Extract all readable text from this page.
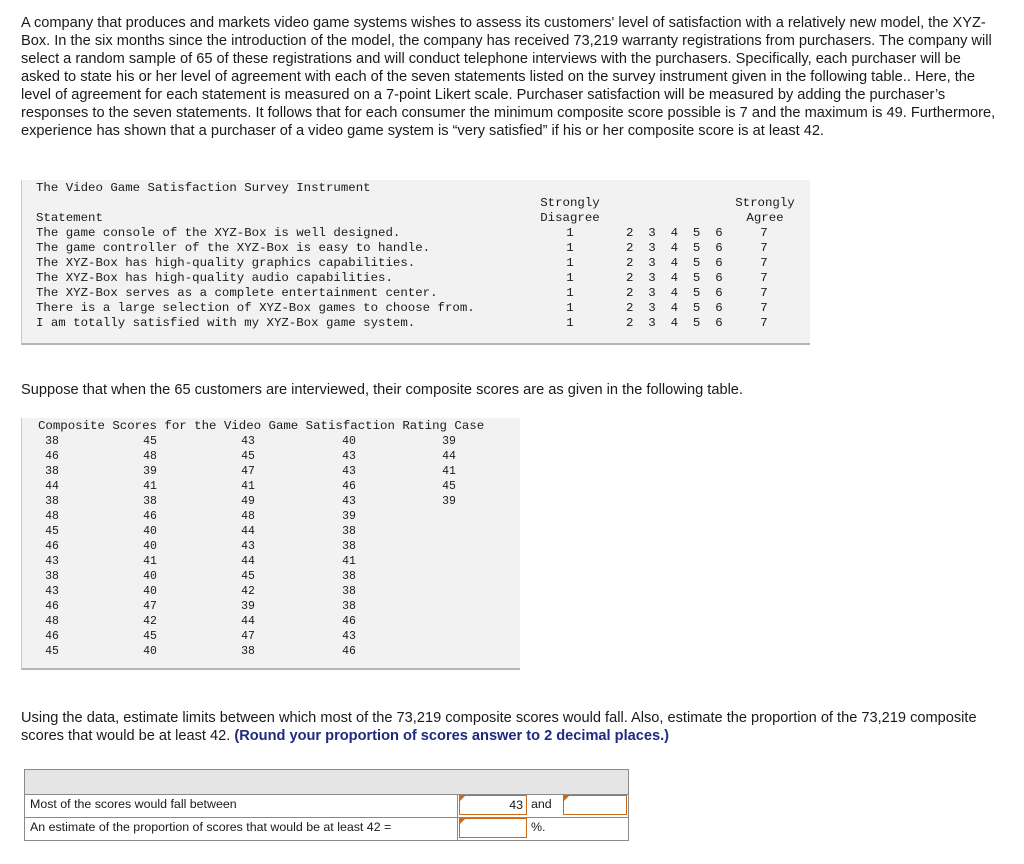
A company that produces and markets video game systems wishes to assess its customers' level of satisfaction with a relatively new model, the XYZ-Box. In the six months since the introduction of the model, the company has received 73,219 warranty registrations from purchasers. The company will select a random sample of 65 of these registrations and will conduct telephone interviews with the purchasers. Specifically, each purchaser will be asked to state his or her level of agreement with each of the seven statements listed on the survey instrument given in the following table.. Here, the level of agreement for each statement is measured on a 7-point Likert scale. Purchaser satisfaction will be measured by adding the purchaser’s responses to the seven statements. It follows that for each consumer the minimum composite score possible is 7 and the maximum is 49. Furthermore, experience has shown that a purchaser of a video game system is “very satisfied” if his or her composite score is at least 42.

The Video Game Satisfaction Survey Instrument
Statement
Strongly
Disagree
Strongly
Agree
The game console of the XYZ-Box is well designed.	1	2  3  4  5  6	7
The game controller of the XYZ-Box is easy to handle.	1	2  3  4  5  6	7
The XYZ-Box has high-quality graphics capabilities.	1	2  3  4  5  6	7
The XYZ-Box has high-quality audio capabilities.	1	2  3  4  5  6	7
The XYZ-Box serves as a complete entertainment center.	1	2  3  4  5  6	7
There is a large selection of XYZ-Box games to choose from.	1	2  3  4  5  6	7
I am totally satisfied with my XYZ-Box game system.	1	2  3  4  5  6	7

Suppose that when the 65 customers are interviewed, their composite scores are as given in the following table.

Composite Scores for the Video Game Satisfaction Rating Case
38	45	43	40	39
46	48	45	43	44
38	39	47	43	41
44	41	41	46	45
38	38	49	43	39
48	46	48	39
45	40	44	38
46	40	43	38
43	41	44	41
38	40	45	38
43	40	42	38
46	47	39	38
48	42	44	46
46	45	47	43
45	40	38	46

Using the data, estimate limits between which most of the 73,219 composite scores would fall. Also, estimate the proportion of the 73,219 composite scores that would be at least 42. (Round your proportion of scores answer to 2 decimal places.)

Most of the scores would fall between
43	and
An estimate of the proportion of scores that would be at least 42 =	%.
